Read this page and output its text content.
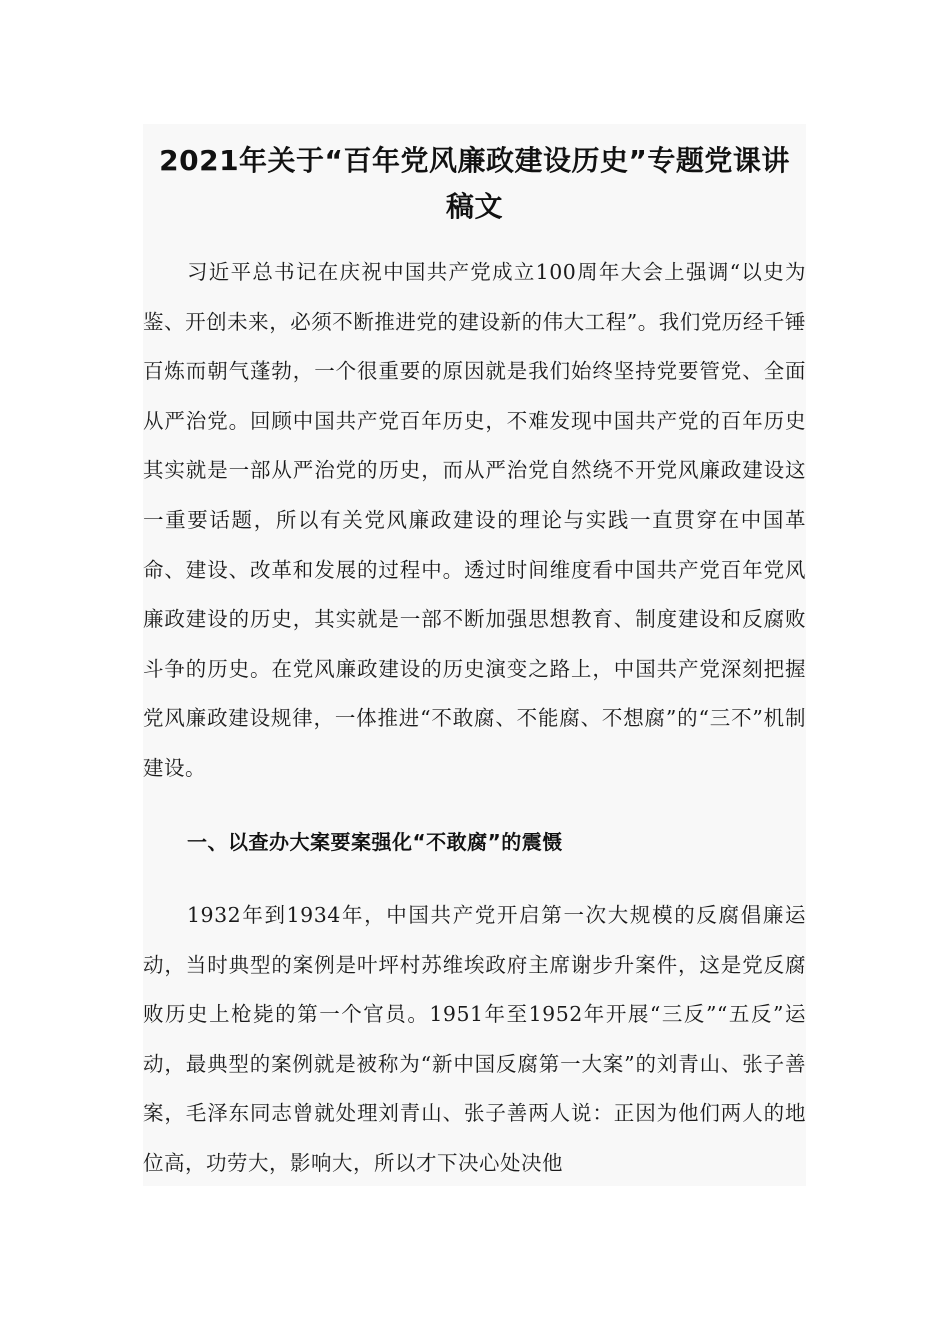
2021年关于“百年党风廉政建设历史”专题党课讲
稿文

习近平总书记在庆祝中国共产党成立100周年大会上强调“以史为鉴、开创未来，必须不断推进党的建设新的伟大工程”。我们党历经千锤百炼而朝气蓬勃，一个很重要的原因就是我们始终坚持党要管党、全面从严治党。回顾中国共产党百年历史，不难发现中国共产党的百年历史其实就是一部从严治党的历史，而从严治党自然绕不开党风廉政建设这一重要话题，所以有关党风廉政建设的理论与实践一直贯穿在中国革命、建设、改革和发展的过程中。透过时间维度看中国共产党百年党风廉政建设的历史，其实就是一部不断加强思想教育、制度建设和反腐败斗争的历史。在党风廉政建设的历史演变之路上，中国共产党深刻把握党风廉政建设规律，一体推进“不敢腐、不能腐、不想腐”的“三不”机制建设。

一、以查办大案要案强化“不敢腐”的震慑

1932年到1934年，中国共产党开启第一次大规模的反腐倡廉运动，当时典型的案例是叶坪村苏维埃政府主席谢步升案件，这是党反腐败历史上枪毙的第一个官员。1951年至1952年开展“三反”“五反”运动，最典型的案例就是被称为“新中国反腐第一大案”的刘青山、张子善案，毛泽东同志曾就处理刘青山、张子善两人说：正因为他们两人的地位高，功劳大，影响大，所以才下决心处决他
